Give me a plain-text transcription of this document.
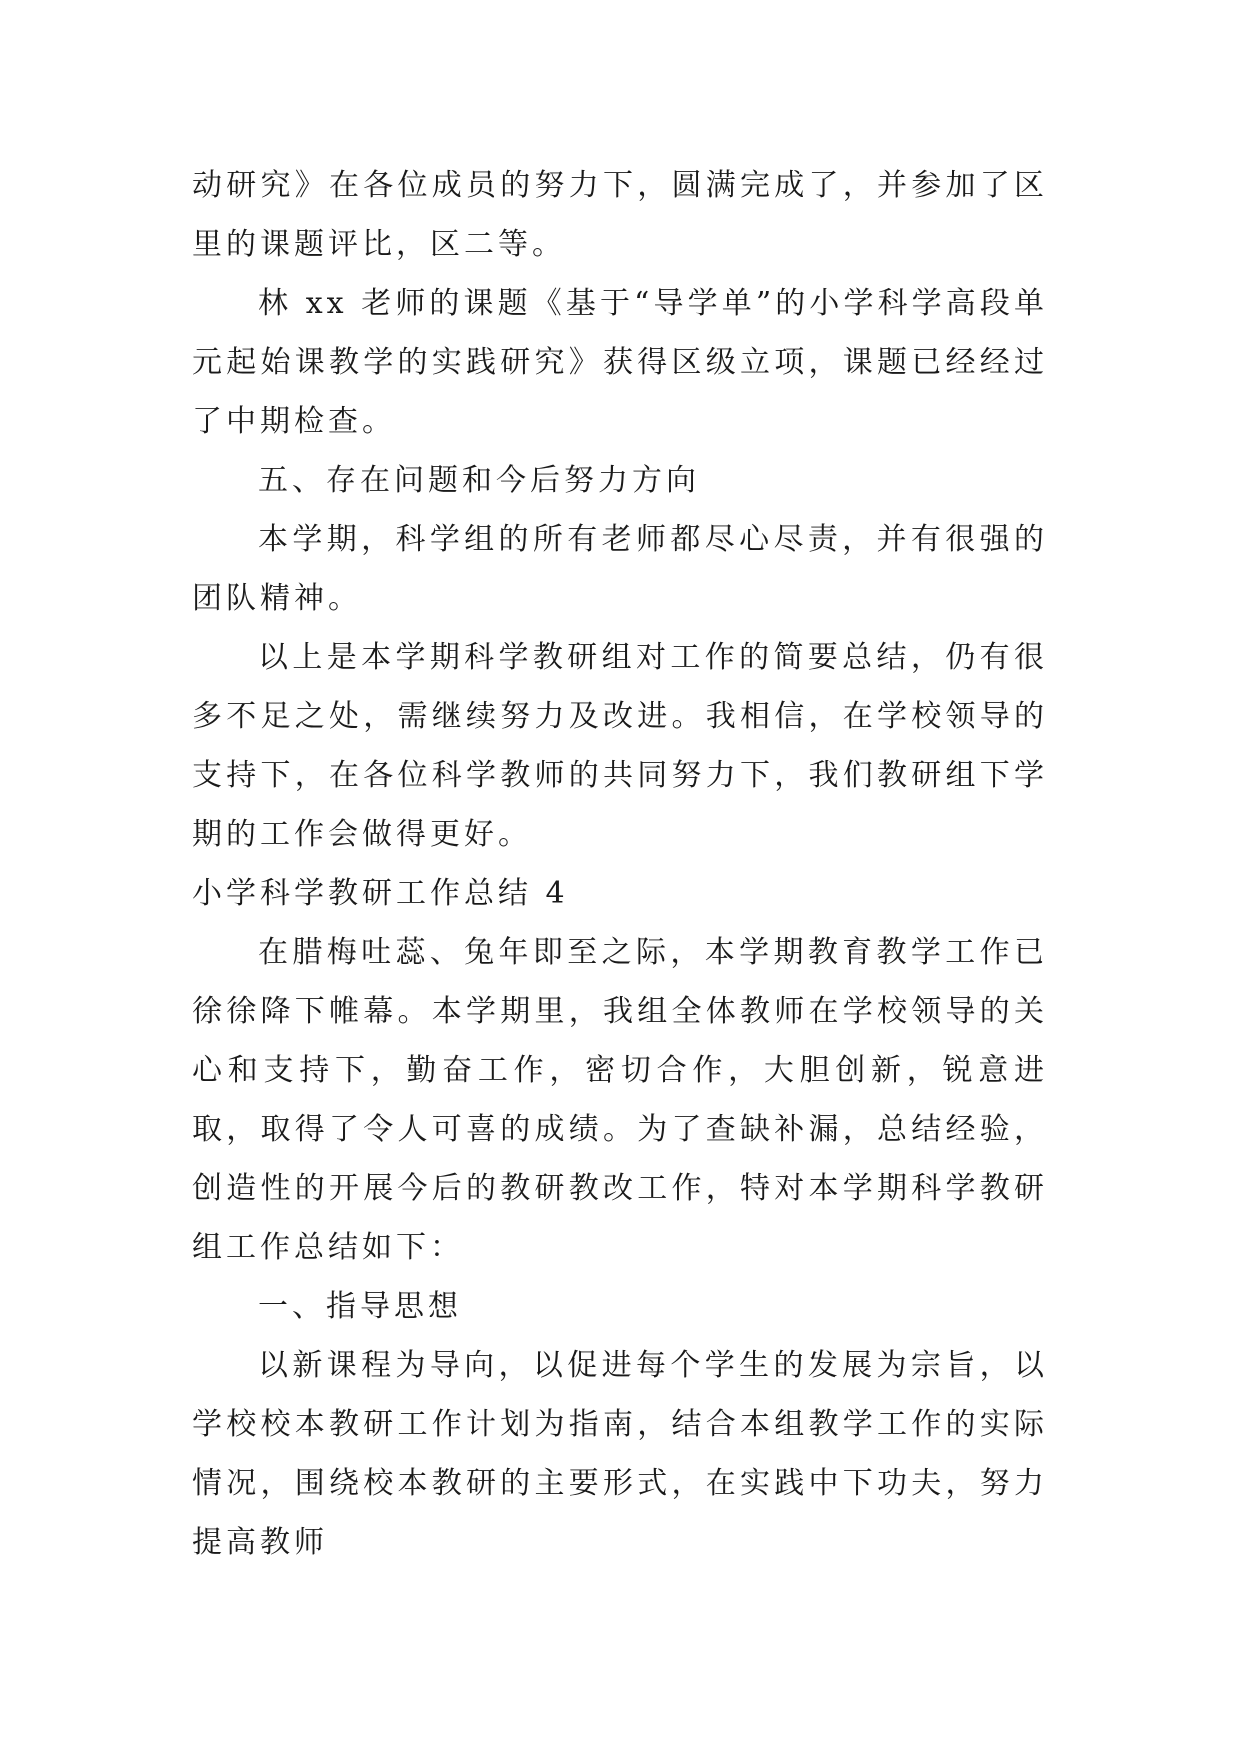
动研究》在各位成员的努力下，圆满完成了，并参加了区里的课题评比，区二等。

林 xx 老师的课题《基于“导学单”的小学科学高段单元起始课教学的实践研究》获得区级立项，课题已经经过了中期检查。

五、存在问题和今后努力方向

本学期，科学组的所有老师都尽心尽责，并有很强的团队精神。

以上是本学期科学教研组对工作的简要总结，仍有很多不足之处，需继续努力及改进。我相信，在学校领导的支持下，在各位科学教师的共同努力下，我们教研组下学期的工作会做得更好。

小学科学教研工作总结 4

在腊梅吐蕊、兔年即至之际，本学期教育教学工作已徐徐降下帷幕。本学期里，我组全体教师在学校领导的关心和支持下，勤奋工作，密切合作，大胆创新，锐意进取，取得了令人可喜的成绩。为了查缺补漏，总结经验，创造性的开展今后的教研教改工作，特对本学期科学教研组工作总结如下：

一、指导思想

以新课程为导向，以促进每个学生的发展为宗旨，以学校校本教研工作计划为指南，结合本组教学工作的实际情况，围绕校本教研的主要形式，在实践中下功夫，努力提高教师
